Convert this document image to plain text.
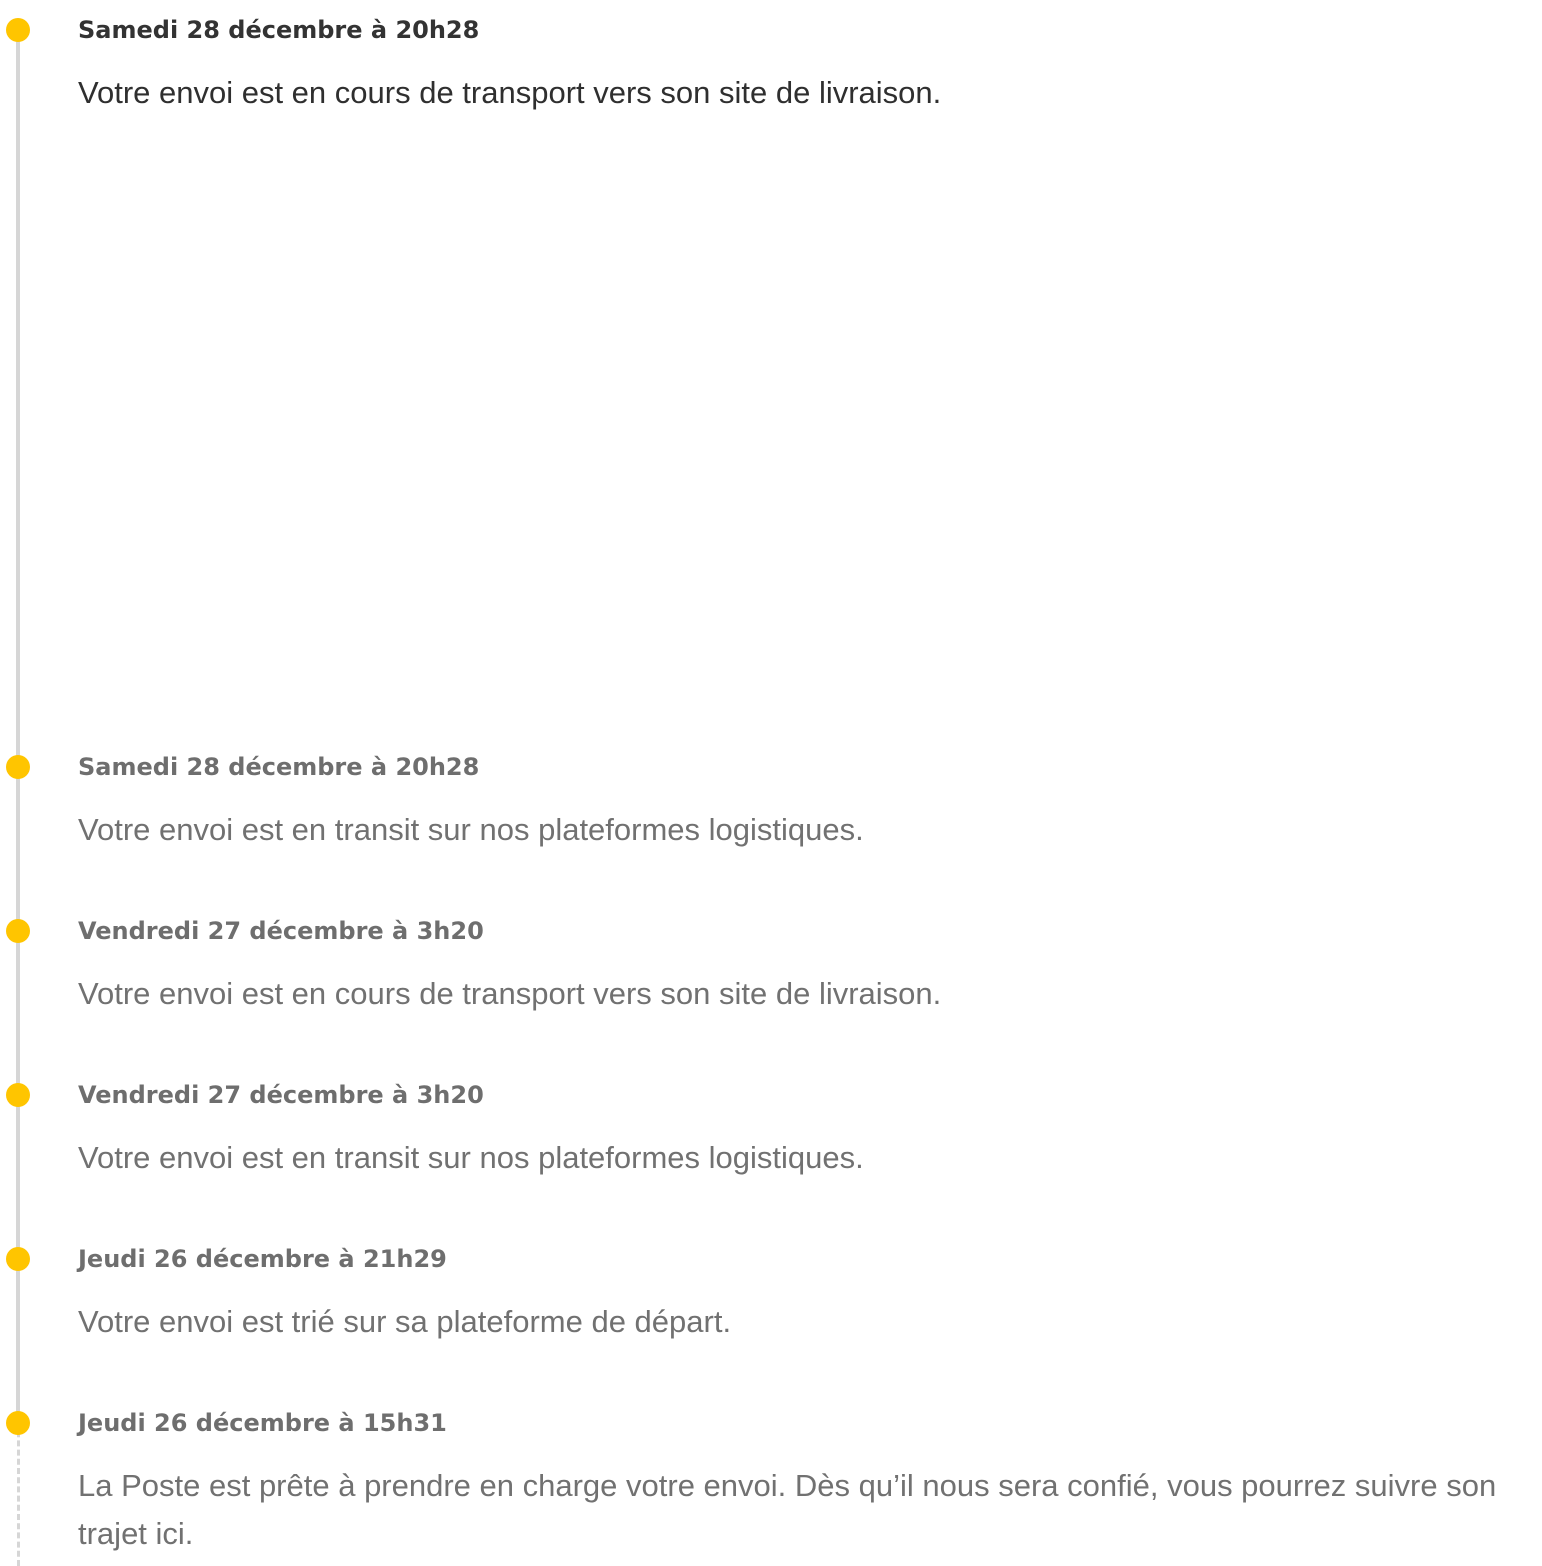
Samedi 28 décembre à 20h28
Votre envoi est en cours de transport vers son site de livraison.
Samedi 28 décembre à 20h28
Votre envoi est en transit sur nos plateformes logistiques.
Vendredi 27 décembre à 3h20
Votre envoi est en cours de transport vers son site de livraison.
Vendredi 27 décembre à 3h20
Votre envoi est en transit sur nos plateformes logistiques.
Jeudi 26 décembre à 21h29
Votre envoi est trié sur sa plateforme de départ.
Jeudi 26 décembre à 15h31
La Poste est prête à prendre en charge votre envoi. Dès qu’il nous sera confié, vous pourrez suivre son trajet ici.
